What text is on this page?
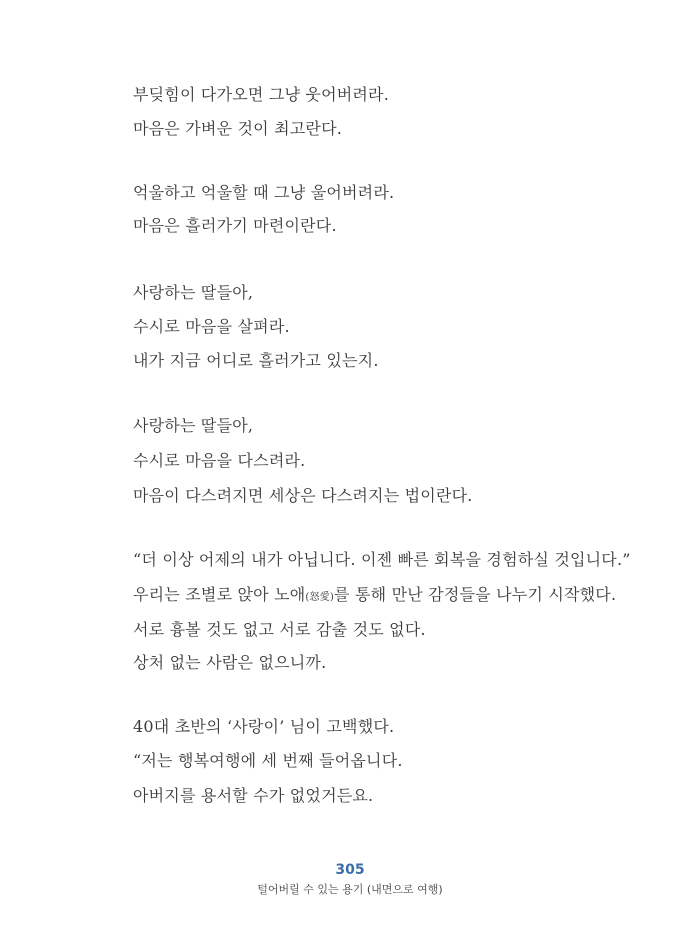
부딪힘이 다가오면 그냥 웃어버려라.
마음은 가벼운 것이 최고란다.
억울하고 억울할 때 그냥 울어버려라.
마음은 흘러가기 마련이란다.
사랑하는 딸들아,
수시로 마음을 살펴라.
내가 지금 어디로 흘러가고 있는지.
사랑하는 딸들아,
수시로 마음을 다스려라.
마음이 다스려지면 세상은 다스려지는 법이란다.
“더 이상 어제의 내가 아닙니다. 이젠 빠른 회복을 경험하실 것입니다.”
우리는 조별로 앉아 노애(怒愛)를 통해 만난 감정들을 나누기 시작했다.
서로 흉볼 것도 없고 서로 감출 것도 없다.
상처 없는 사람은 없으니까.
40대 초반의 ‘사랑이’ 님이 고백했다.
“저는 행복여행에 세 번째 들어옵니다.
아버지를 용서할 수가 없었거든요.
305
털어버릴 수 있는 용기 (내면으로 여행)
